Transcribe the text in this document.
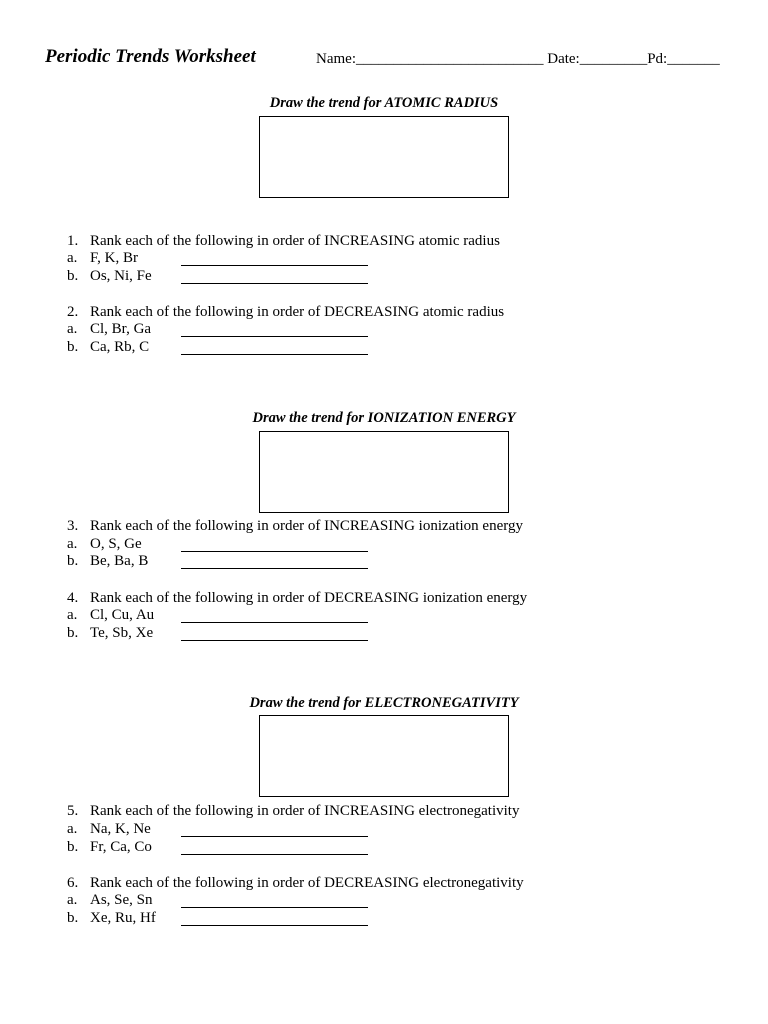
Periodic Trends Worksheet	Name:_________________________ Date:_________Pd:_______
Draw the trend for ATOMIC RADIUS
1. Rank each of the following in order of INCREASING atomic radius
a. F, K, Br
b. Os, Ni, Fe
2. Rank each of the following in order of DECREASING atomic radius
a. Cl, Br, Ga
b. Ca, Rb, C
Draw the trend for IONIZATION ENERGY
3. Rank each of the following in order of INCREASING ionization energy
a. O, S, Ge
b. Be, Ba, B
4. Rank each of the following in order of DECREASING ionization energy
a. Cl, Cu, Au
b. Te, Sb, Xe
Draw the trend for ELECTRONEGATIVITY
5. Rank each of the following in order of INCREASING electronegativity
a. Na, K, Ne
b. Fr, Ca, Co
6. Rank each of the following in order of DECREASING electronegativity
a. As, Se, Sn
b. Xe, Ru, Hf
